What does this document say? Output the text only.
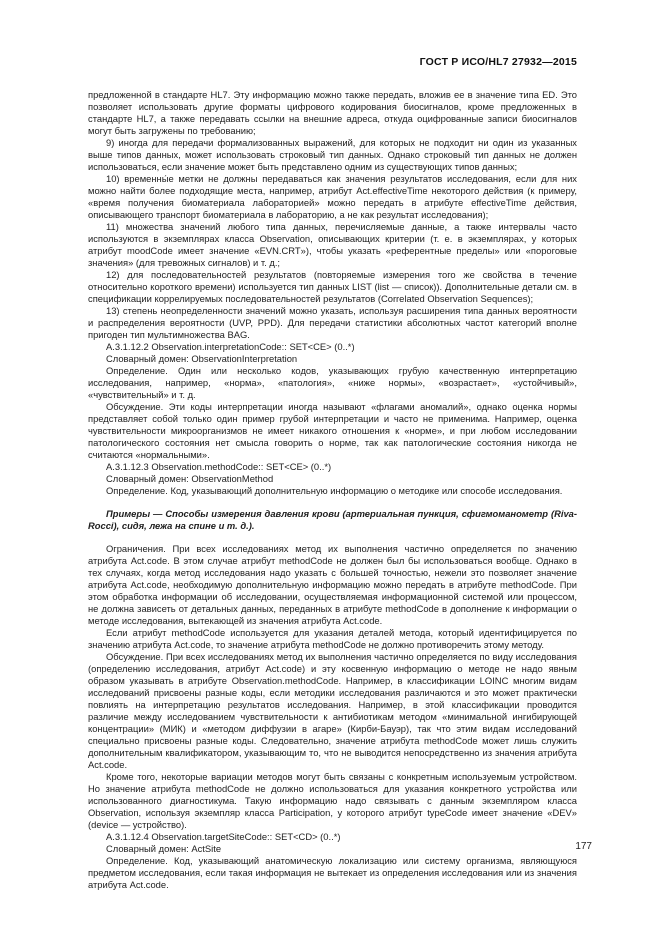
ГОСТ Р ИСО/HL7 27932—2015

предложенной в стандарте HL7. Эту информацию можно также передать, вложив ее в значение типа ED. Это позволяет использовать другие форматы цифрового кодирования биосигналов, кроме предложенных в стандарте HL7, а также передавать ссылки на внешние адреса, откуда оцифрованные записи биосигналов могут быть загружены по требованию;

9) иногда для передачи формализованных выражений, для которых не подходит ни один из указанных выше типов данных, может использовать строковый тип данных. Однако строковый тип данных не должен использоваться, если значение может быть представлено одним из существующих типов данных;

10) временны́е метки не должны передаваться как значения результатов исследования, если для них можно найти более подходящие места, например, атрибут Act.effectiveTime некоторого действия (к примеру, «время получения биоматериала лабораторией» можно передать в атрибуте effectiveTime действия, описывающего транспорт биоматериала в лабораторию, а не как результат исследования);

11) множества значений любого типа данных, перечисляемые данные, а также интервалы часто используются в экземплярах класса Observation, описывающих критерии (т. е. в экземплярах, у которых атрибут moodCode имеет значение «EVN.CRT»), чтобы указать «референтные пределы» или «пороговые значения» (для тревожных сигналов) и т. д.;

12) для последовательностей результатов (повторяемые измерения того же свойства в течение относительно короткого времени) используется тип данных LIST (list — список)). Дополнительные детали см. в спецификации коррелируемых последовательностей результатов (Correlated Observation Sequences);

13) степень неопределенности значений можно указать, используя расширения типа данных вероятности и распределения вероятности (UVP, PPD). Для передачи статистики абсолютных частот категорий вполне пригоден тип мультимножества BAG.

A.3.1.12.2 Observation.interpretationCode:: SET<CE> (0..*)

Словарный домен: ObservationInterpretation

Определение. Один или несколько кодов, указывающих грубую качественную интерпретацию исследования, например, «норма», «патология», «ниже нормы», «возрастает», «устойчивый», «чувствительный» и т. д.

Обсуждение. Эти коды интерпретации иногда называют «флагами аномалий», однако оценка нормы представляет собой только один пример грубой интерпретации и часто не применима. Например, оценка чувствительности микроорганизмов не имеет никакого отношения к «норме», и при любом исследовании патологического состояния нет смысла говорить о норме, так как патологические состояния никогда не считаются «нормальными».

A.3.1.12.3 Observation.methodCode:: SET<CE> (0..*)

Словарный домен: ObservationMethod

Определение. Код, указывающий дополнительную информацию о методике или способе исследования.

Примеры — Способы измерения давления крови (артериальная пункция, сфигмоманометр (Riva-Rocci), сидя, лежа на спине и т. д.).

Ограничения. При всех исследованиях метод их выполнения частично определяется по значению атрибута Act.code. В этом случае атрибут methodCode не должен был бы использоваться вообще. Однако в тех случаях, когда метод исследования надо указать с большей точностью, нежели это позволяет значение атрибута Act.code, необходимую дополнительную информацию можно передать в атрибуте methodCode. При этом обработка информации об исследовании, осуществляемая информационной системой или процессом, не должна зависеть от детальных данных, переданных в атрибуте methodCode в дополнение к информации о методе исследования, вытекающей из значения атрибута Act.code.

Если атрибут methodCode используется для указания деталей метода, который идентифицируется по значению атрибута Act.code, то значение атрибута methodCode не должно противоречить этому методу.

Обсуждение. При всех исследованиях метод их выполнения частично определяется по виду исследования (определению исследования, атрибут Act.code) и эту косвенную информацию о методе не надо явным образом указывать в атрибуте Observation.methodCode. Например, в классификации LOINC многим видам исследований присвоены разные коды, если методики исследования различаются и это может практически повлиять на интерпретацию результатов исследования. Например, в этой классификации проводится различие между исследованием чувствительности к антибиотикам методом «минимальной ингибирующей концентрации» (МИК) и «методом диффузии в агаре» (Кирби-Бауэр), так что этим видам исследований специально присвоены разные коды. Следовательно, значение атрибута methodCode может лишь служить дополнительным квалификатором, указывающим то, что не выводится непосредственно из значения атрибута Act.code.

Кроме того, некоторые вариации методов могут быть связаны с конкретным используемым устройством. Но значение атрибута methodCode не должно использоваться для указания конкретного устройства или использованного диагностикума. Такую информацию надо связывать с данным экземпляром класса Observation, используя экземпляр класса Participation, у которого атрибут typeCode имеет значение «DEV» (device — устройство).

A.3.1.12.4 Observation.targetSiteCode:: SET<CD> (0..*)

Словарный домен: ActSite

Определение. Код, указывающий анатомическую локализацию или систему организма, являющуюся предметом исследования, если такая информация не вытекает из определения исследования или из значения атрибута Act.code.

177
